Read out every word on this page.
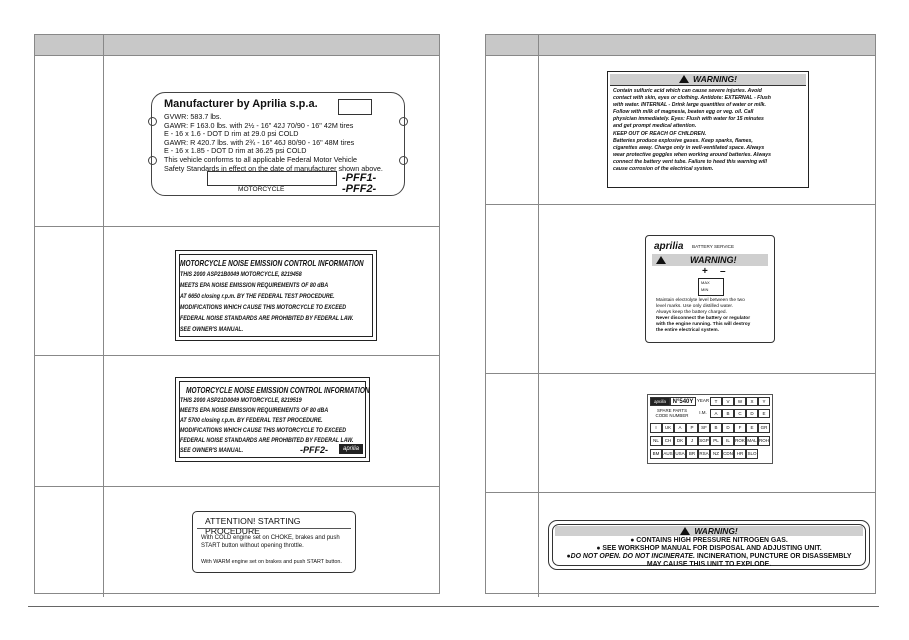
Manufacturer by Aprilia s.p.a.
GVWR: 583.7 lbs.
GAWR: F 163.0 lbs. with 2½ - 16" 42J 70/90 - 16" 42M tires
E - 16 x 1.6 - DOT D rim at 29.0 psi COLD
GAWR: R 420.7 lbs. with 2¾ - 16" 46J 80/90 - 16" 48M tires
E - 16 x 1.85 - DOT D rim at 36.25 psi COLD
This vehicle conforms to all applicable Federal Motor Vehicle
Safety Standards in effect on the date of manufacturer shown above.
MOTORCYCLE
-PFF1-
-PFF2-
MOTORCYCLE NOISE EMISSION CONTROL INFORMATION
THIS 2000 ASP21B0049 MOTORCYCLE, 8219458
MEETS EPA NOISE EMISSION REQUIREMENTS OF 80 dBA
AT 6650 closing r.p.m. BY THE FEDERAL TEST PROCEDURE.
MODIFICATIONS WHICH CAUSE THIS MOTORCYCLE TO EXCEED
FEDERAL NOISE STANDARDS ARE PROHIBITED BY FEDERAL LAW.
SEE OWNER'S MANUAL.
MOTORCYCLE NOISE EMISSION CONTROL INFORMATION
THIS 2000 ASP21D0049 MOTORCYCLE, 8219519
MEETS EPA NOISE EMISSION REQUIREMENTS OF 80 dBA
AT 5700 closing r.p.m. BY FEDERAL TEST PROCEDURE.
MODIFICATIONS WHICH CAUSE THIS MOTORCYCLE TO EXCEED
FEDERAL NOISE STANDARDS ARE PROHIBITED BY FEDERAL LAW.
SEE OWNER'S MANUAL.	-PFF2-	aprilia
ATTENTION! STARTING PROCEDURE
With COLD engine set on CHOKE, brakes and push
START button without opening throttle.
With WARM engine set on brakes and push START button.
WARNING!
Contain sulfuric acid which can cause severe injuries. Avoid
contact with skin, eyes or clothing. Antidote: EXTERNAL - Flush
with water. INTERNAL - Drink large quantities of water or milk.
Follow with milk of magnesia, beaten egg or veg. oil. Call
physician immediately. Eyes: Flush with water for 15 minutes
and get prompt medical attention.
KEEP OUT OF REACH OF CHILDREN.
Batteries produce explosive gases. Keep sparks, flames,
cigarettes away. Charge only in well-ventilated space. Always
wear protective goggles when working around batteries. Always
connect the battery vent tube. Failure to heed this warning will
cause corrosion of the electrical system.
aprilia BATTERY SERVICE
WARNING!
+ –
MAX
MIN
Maintain electrolyte level between the two
level marks. Use only distilled water.
Always keep the battery charged.
Never disconnect the battery or regulator
with the engine running. This will destroy
the entire electrical system.
aprilia	N°540Y YEAR	T	V	W	X	Y
SPARE PARTS CODE NUMBER
I.M.	A	B	C	D	E
I	UK	A	P	SF	B	D	F	E	GR
NL	CH	DK	J	SGP PL	IL	ROK MAL ROH
BM AUS USA BR RSA NZ CDN HR SLO
WARNING!
● CONTAINS HIGH PRESSURE NITROGEN GAS.
● SEE WORKSHOP MANUAL FOR DISPOSAL AND ADJUSTING UNIT.
●DO NOT OPEN. DO NOT INCINERATE. INCINERATION, PUNCTURE OR DISASSEMBLY
MAY CAUSE THIS UNIT TO EXPLODE.
